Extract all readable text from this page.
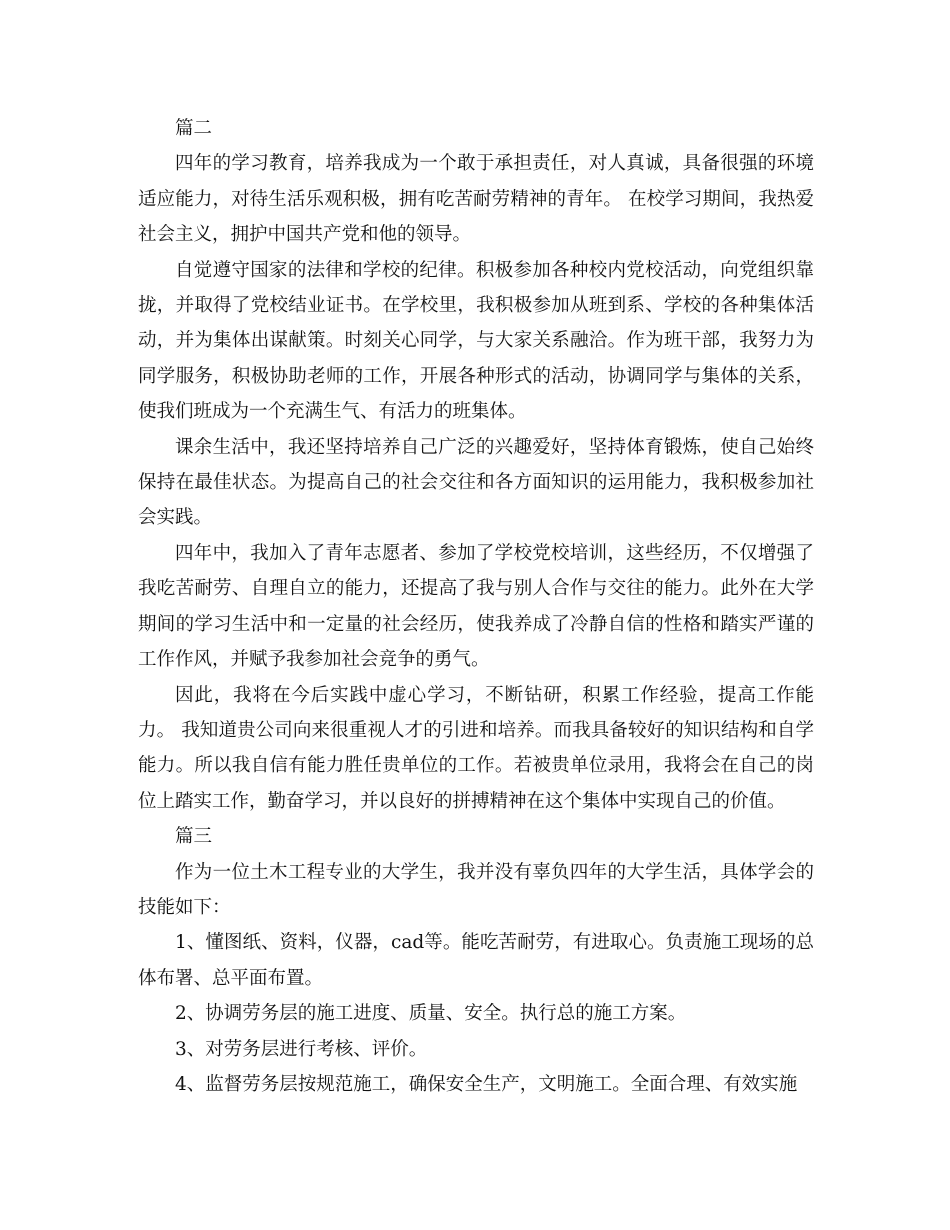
篇二

四年的学习教育，培养我成为一个敢于承担责任，对人真诚，具备很强的环境适应能力，对待生活乐观积极，拥有吃苦耐劳精神的青年。 在校学习期间，我热爱社会主义，拥护中国共产党和他的领导。

自觉遵守国家的法律和学校的纪律。积极参加各种校内党校活动，向党组织靠拢，并取得了党校结业证书。在学校里，我积极参加从班到系、学校的各种集体活动，并为集体出谋献策。时刻关心同学，与大家关系融洽。作为班干部，我努力为同学服务，积极协助老师的工作，开展各种形式的活动，协调同学与集体的关系，使我们班成为一个充满生气、有活力的班集体。

课余生活中，我还坚持培养自己广泛的兴趣爱好，坚持体育锻炼，使自己始终保持在最佳状态。为提高自己的社会交往和各方面知识的运用能力，我积极参加社会实践。

四年中，我加入了青年志愿者、参加了学校党校培训，这些经历，不仅增强了我吃苦耐劳、自理自立的能力，还提高了我与别人合作与交往的能力。此外在大学期间的学习生活中和一定量的社会经历，使我养成了冷静自信的性格和踏实严谨的工作作风，并赋予我参加社会竞争的勇气。

因此，我将在今后实践中虚心学习，不断钻研，积累工作经验，提高工作能力。 我知道贵公司向来很重视人才的引进和培养。而我具备较好的知识结构和自学能力。所以我自信有能力胜任贵单位的工作。若被贵单位录用，我将会在自己的岗位上踏实工作，勤奋学习，并以良好的拼搏精神在这个集体中实现自己的价值。

篇三

作为一位土木工程专业的大学生，我并没有辜负四年的大学生活，具体学会的技能如下：

1、懂图纸、资料，仪器，cad等。能吃苦耐劳，有进取心。负责施工现场的总体布署、总平面布置。

2、协调劳务层的施工进度、质量、安全。执行总的施工方案。

3、对劳务层进行考核、评价。

4、监督劳务层按规范施工，确保安全生产，文明施工。全面合理、有效实施
